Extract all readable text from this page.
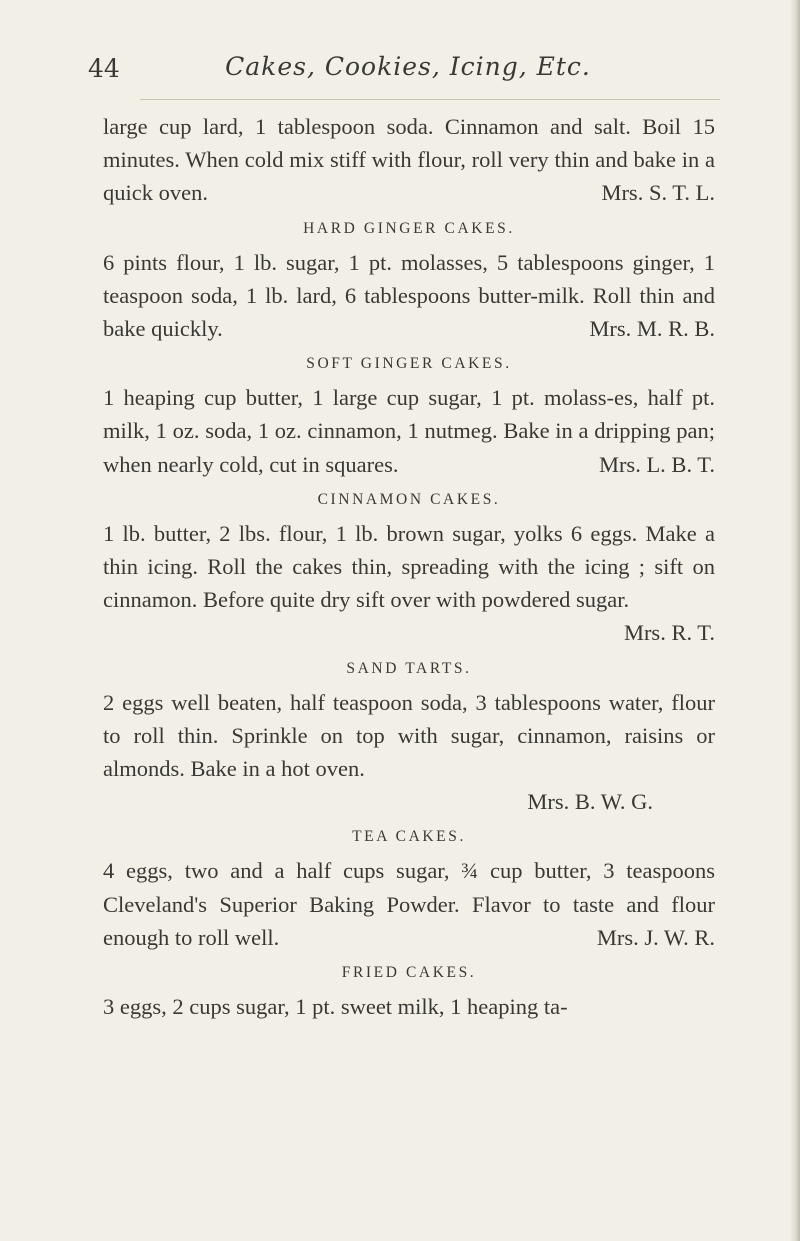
44	Cakes, Cookies, Icing, Etc.

large cup lard, 1 tablespoon soda. Cinnamon and salt. Boil 15 minutes. When cold mix stiff with flour, roll very thin and bake in a quick oven.	Mrs. S. T. L.

HARD GINGER CAKES.

6 pints flour, 1 lb. sugar, 1 pt. molasses, 5 tablespoons ginger, 1 teaspoon soda, 1 lb. lard, 6 tablespoons butter-milk. Roll thin and bake quickly.	Mrs. M. R. B.

SOFT GINGER CAKES.

1 heaping cup butter, 1 large cup sugar, 1 pt. molass-es, half pt. milk, 1 oz. soda, 1 oz. cinnamon, 1 nutmeg. Bake in a dripping pan; when nearly cold, cut in squares.	Mrs. L. B. T.

CINNAMON CAKES.

1 lb. butter, 2 lbs. flour, 1 lb. brown sugar, yolks 6 eggs. Make a thin icing. Roll the cakes thin, spreading with the icing ; sift on cinnamon. Before quite dry sift over with powdered sugar.
Mrs. R. T.

SAND TARTS.

2 eggs well beaten, half teaspoon soda, 3 tablespoons water, flour to roll thin. Sprinkle on top with sugar, cinnamon, raisins or almonds. Bake in a hot oven.

Mrs. B. W. G.
TEA CAKES.

4 eggs, two and a half cups sugar, ¾ cup butter, 3 teaspoons Cleveland's Superior Baking Powder. Flavor to taste and flour enough to roll well.	Mrs. J. W. R.

FRIED CAKES.

3 eggs, 2 cups sugar, 1 pt. sweet milk, 1 heaping ta-
